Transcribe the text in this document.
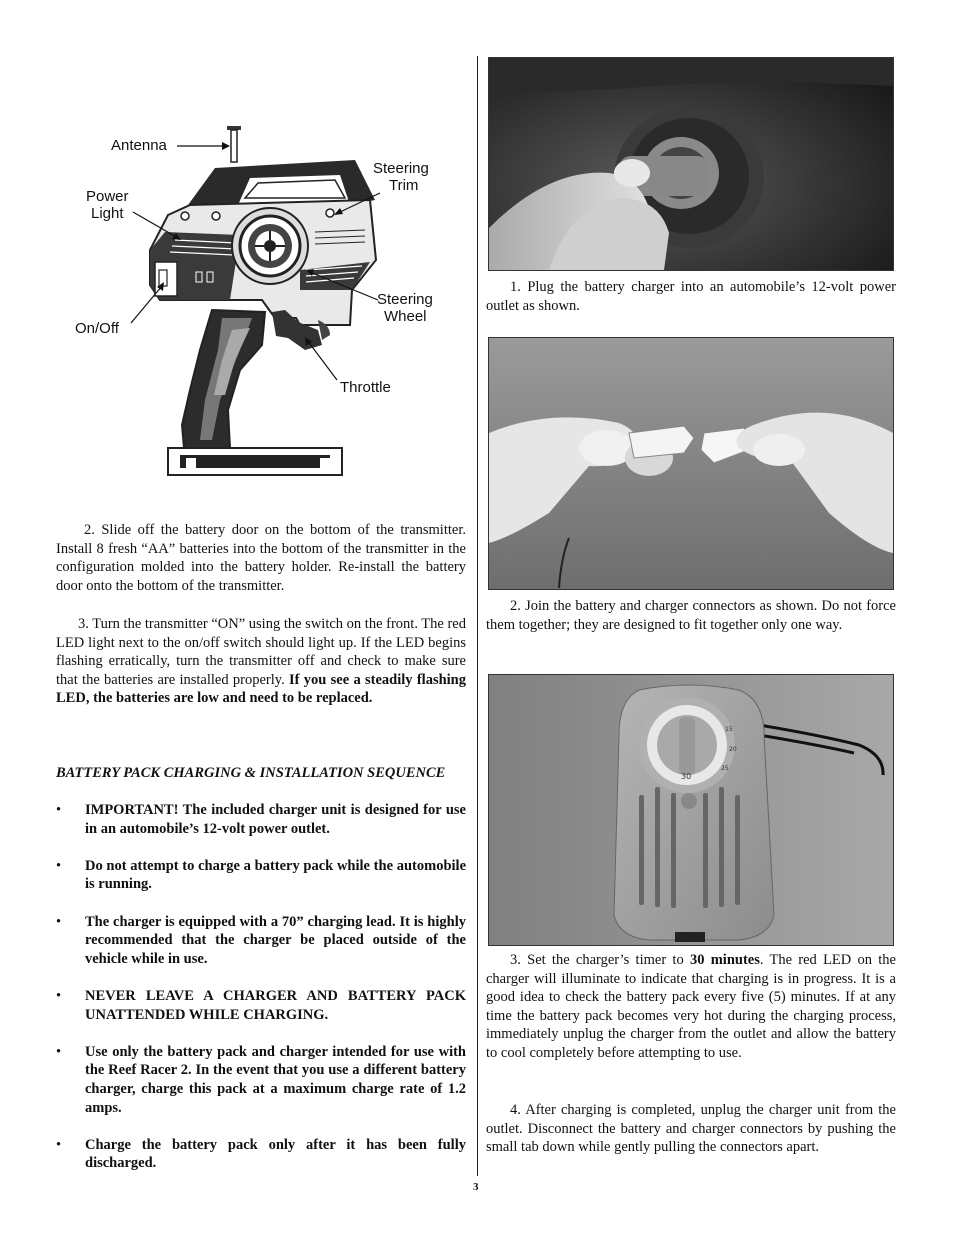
Antenna
Steering
Trim
Power
Light
Steering
Wheel
On/Off
Throttle

2. Slide off the battery door on the bottom of the transmitter. Install 8 fresh “AA” batteries into the bottom of the transmitter in the configuration molded into the battery holder. Re-install the battery door onto the bottom of the transmitter.

3. Turn the transmitter “ON” using the switch on the front. The red LED light next to the on/off switch should light up. If the LED begins flashing erratically, turn the transmitter off and check to make sure that the batteries are installed properly. If you see a steadily flashing LED, the batteries are low and need to be replaced.

BATTERY PACK CHARGING & INSTALLATION SEQUENCE
• IMPORTANT! The included charger unit is designed for use in an automobile’s 12-volt power outlet.
• Do not attempt to charge a battery pack while the automobile is running.
• The charger is equipped with a 70” charging lead. It is highly recommended that the charger be placed outside of the vehicle while in use.
• NEVER LEAVE A CHARGER AND BATTERY PACK UNATTENDED WHILE CHARGING.
• Use only the battery pack and charger intended for use with the Reef Racer 2. In the event that you use a different battery charger, charge this pack at a maximum charge rate of 1.2 amps.
• Charge the battery pack only after it has been fully discharged.

1. Plug the battery charger into an automobile’s 12-volt power outlet as shown.

2. Join the battery and charger connectors as shown. Do not force them together; they are designed to fit together only one way.

30
15
20
25

3. Set the charger’s timer to 30 minutes. The red LED on the charger will illuminate to indicate that charging is in progress. It is a good idea to check the battery pack every five (5) minutes. If at any time the battery pack becomes very hot during the charging process, immediately unplug the charger from the outlet and allow the battery to cool completely before attempting to use.

4. After charging is completed, unplug the charger unit from the outlet. Disconnect the battery and charger connectors by pushing the small tab down while gently pulling the connectors apart.

3
